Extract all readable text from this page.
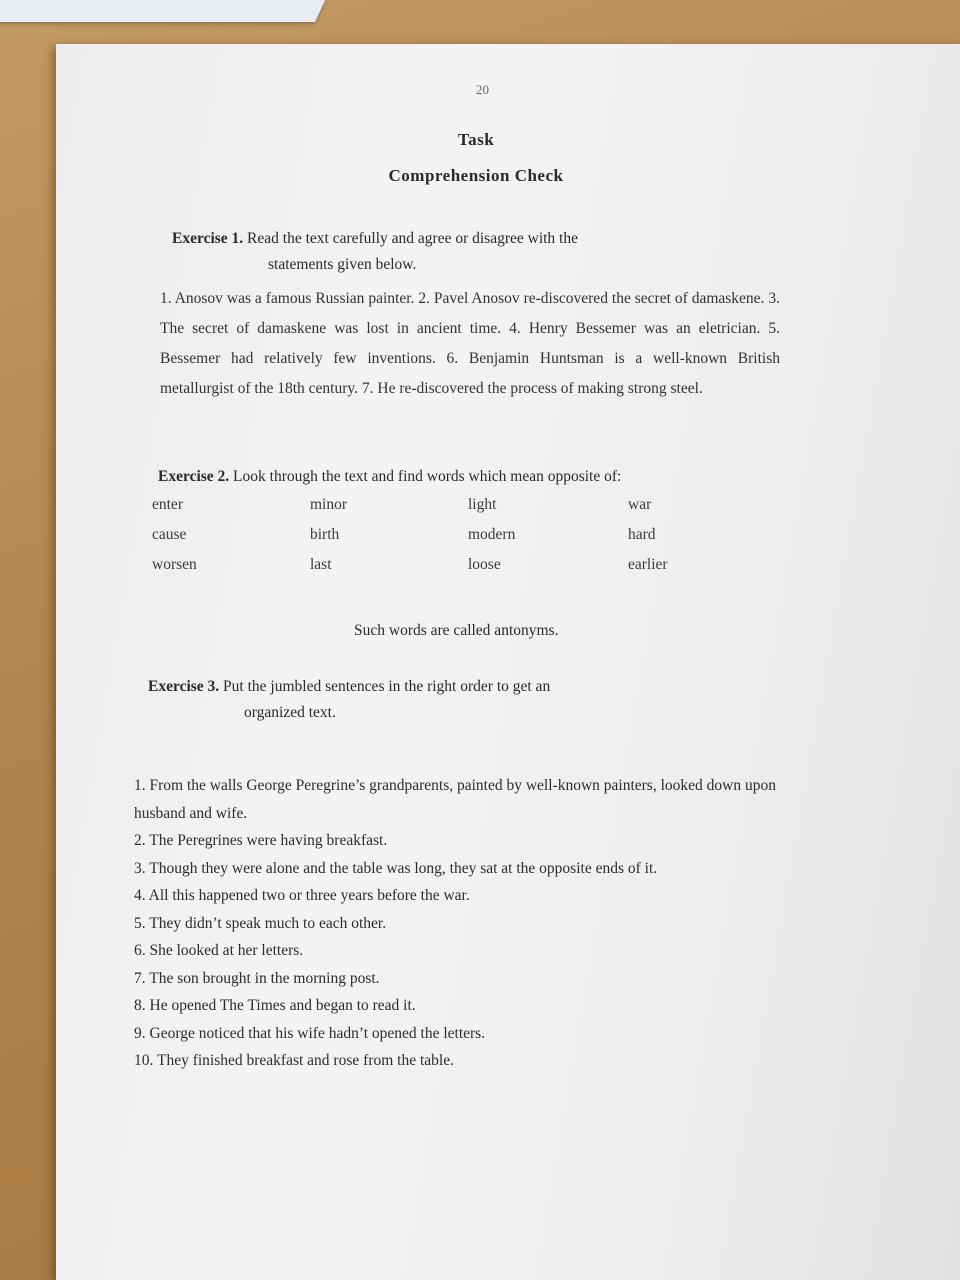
20

Task

Comprehension Check

Exercise 1. Read the text carefully and agree or disagree with the
statements given below.

1. Anosov was a famous Russian painter. 2. Pavel Anosov re-discovered the secret of damaskene. 3. The secret of damaskene was lost in ancient time. 4. Henry Bessemer was an eletrician. 5. Bessemer had relatively few inventions. 6. Benjamin Huntsman is a well-known British metallurgist of the 18th century. 7. He re-discovered the process of making strong steel.

Exercise 2. Look through the text and find words which mean opposite of:
enter	minor	light	war
cause	birth	modern	hard
worsen	last	loose	earlier

Such words are called antonyms.

Exercise 3. Put the jumbled sentences in the right order to get an
organized text.
1. From the walls George Peregrine’s grandparents, painted by well-known painters, looked down upon husband and wife.
2. The Peregrines were having breakfast.
3. Though they were alone and the table was long, they sat at the opposite ends of it.
4. All this happened two or three years before the war.
5. They didn’t speak much to each other.
6. She looked at her letters.
7. The son brought in the morning post.
8. He opened The Times and began to read it.
9. George noticed that his wife hadn’t opened the letters.
10. They finished breakfast and rose from the table.
